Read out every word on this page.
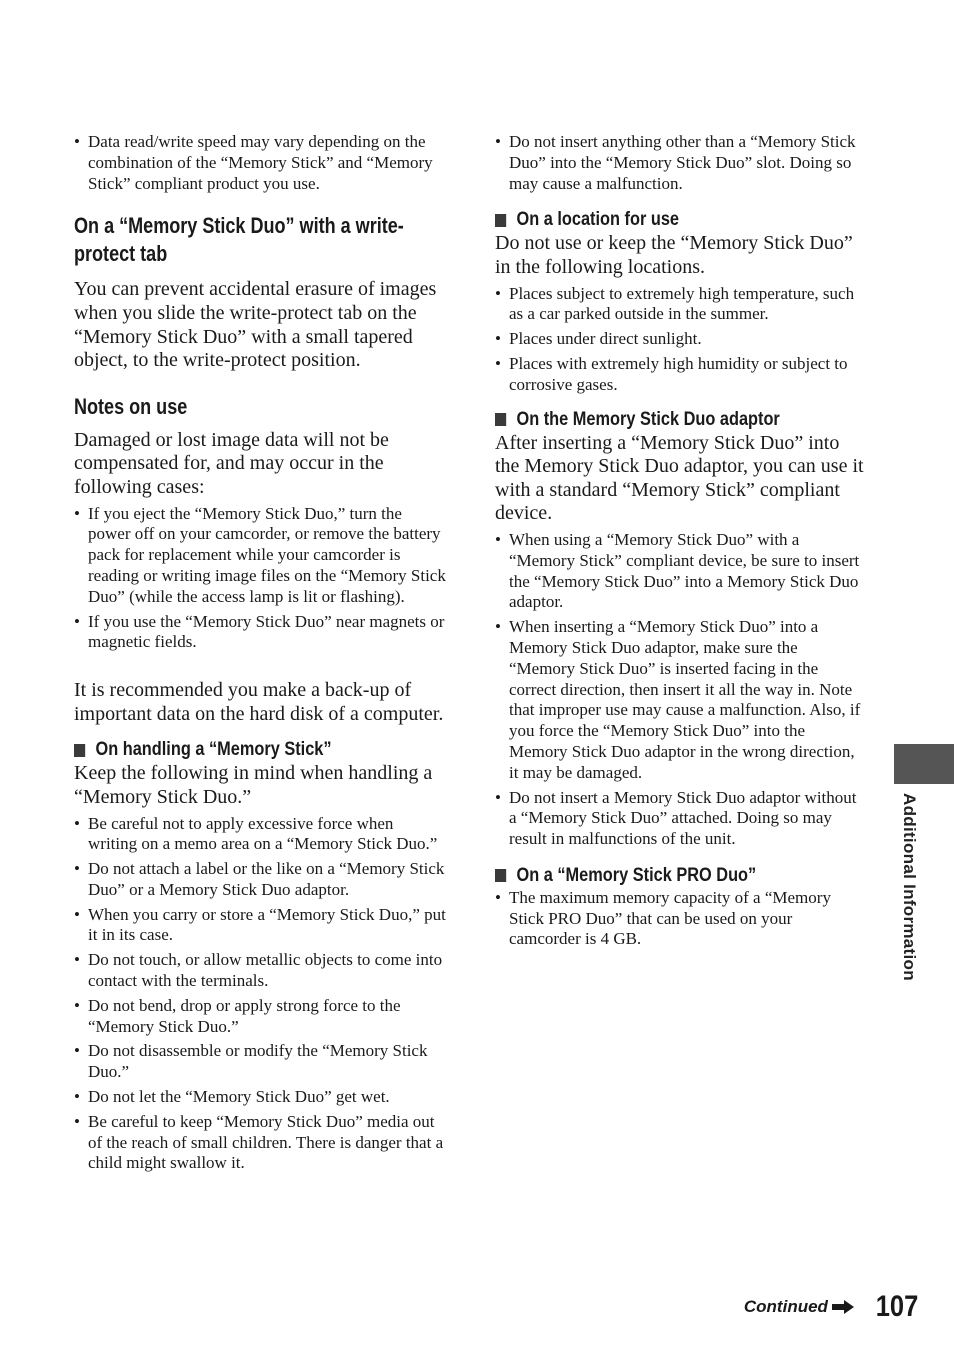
• Data read/write speed may vary depending on the combination of the “Memory Stick” and “Memory Stick” compliant product you use.
On a “Memory Stick Duo” with a write-protect tab

You can prevent accidental erasure of images when you slide the write-protect tab on the “Memory Stick Duo” with a small tapered object, to the write-protect position.

Notes on use

Damaged or lost image data will not be compensated for, and may occur in the following cases:

• If you eject the “Memory Stick Duo,” turn the power off on your camcorder, or remove the battery pack for replacement while your camcorder is reading or writing image files on the “Memory Stick Duo” (while the access lamp is lit or flashing).
• If you use the “Memory Stick Duo” near magnets or magnetic fields.

It is recommended you make a back-up of important data on the hard disk of a computer.

On handling a “Memory Stick”

Keep the following in mind when handling a “Memory Stick Duo.”

• Be careful not to apply excessive force when writing on a memo area on a “Memory Stick Duo.”
• Do not attach a label or the like on a “Memory Stick Duo” or a Memory Stick Duo adaptor.
• When you carry or store a “Memory Stick Duo,” put it in its case.
• Do not touch, or allow metallic objects to come into contact with the terminals.
• Do not bend, drop or apply strong force to the “Memory Stick Duo.”
• Do not disassemble or modify the “Memory Stick Duo.”
• Do not let the “Memory Stick Duo” get wet.
• Be careful to keep “Memory Stick Duo” media out of the reach of small children. There is danger that a child might swallow it.
• Do not insert anything other than a “Memory Stick Duo” into the “Memory Stick Duo” slot. Doing so may cause a malfunction.
On a location for use

Do not use or keep the “Memory Stick Duo” in the following locations.

• Places subject to extremely high temperature, such as a car parked outside in the summer.
• Places under direct sunlight.
• Places with extremely high humidity or subject to corrosive gases.
On the Memory Stick Duo adaptor

After inserting a “Memory Stick Duo” into the Memory Stick Duo adaptor, you can use it with a standard “Memory Stick” compliant device.

• When using a “Memory Stick Duo” with a “Memory Stick” compliant device, be sure to insert the “Memory Stick Duo” into a Memory Stick Duo adaptor.
• When inserting a “Memory Stick Duo” into a Memory Stick Duo adaptor, make sure the “Memory Stick Duo” is inserted facing in the correct direction, then insert it all the way in. Note that improper use may cause a malfunction. Also, if you force the “Memory Stick Duo” into the Memory Stick Duo adaptor in the wrong direction, it may be damaged.
• Do not insert a Memory Stick Duo adaptor without a “Memory Stick Duo” attached. Doing so may result in malfunctions of the unit.
On a “Memory Stick PRO Duo”
• The maximum memory capacity of a “Memory Stick PRO Duo” that can be used on your camcorder is 4 GB.	Additional Information
Continued 107
